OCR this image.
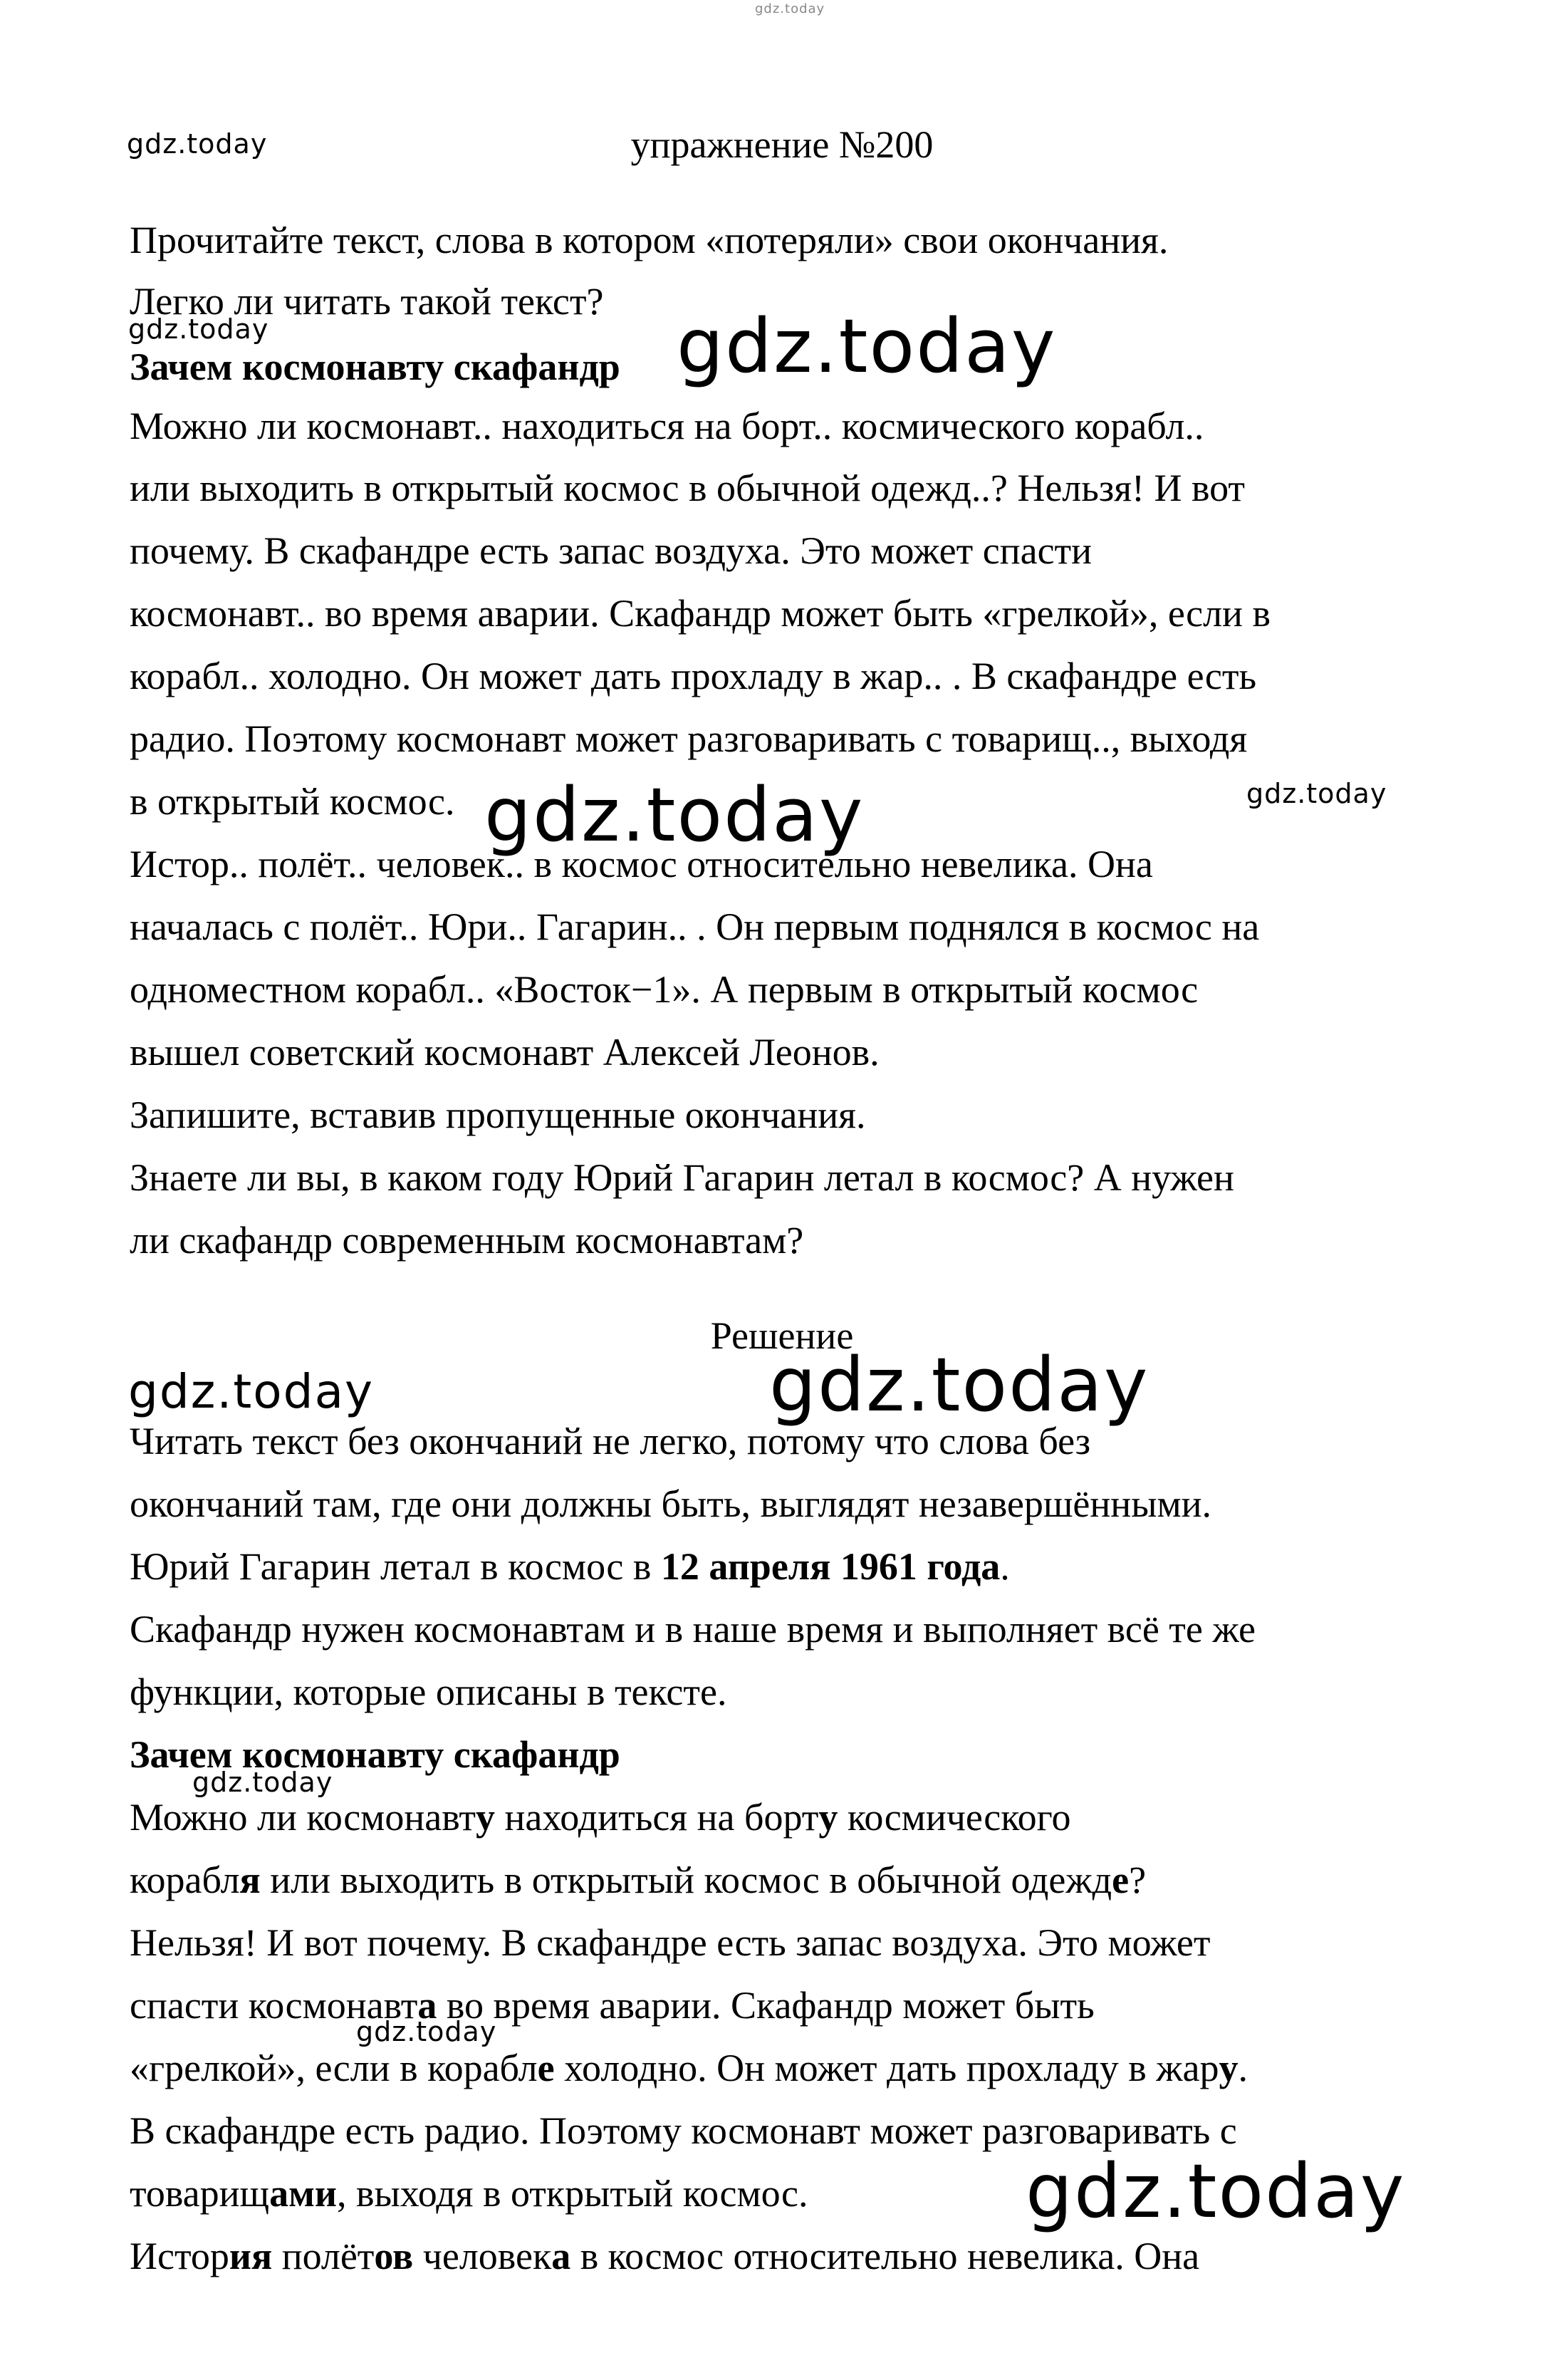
gdz.today
gdz.today
gdz.today	gdz.today
gdz.today	gdz.today
gdz.today
gdz.today
gdz.today
gdz.today
gdz.today

упражнение №200

Прочитайте текст, слова в котором «потеряли» свои окончания.

Легко ли читать такой текст?

Зачем космонавту скафандр

Можно ли космонавт.. находиться на борт.. космического корабл..

или выходить в открытый космос в обычной одежд..? Нельзя! И вот

почему. В скафандре есть запас воздуха. Это может спасти

космонавт.. во время аварии. Скафандр может быть «грелкой», если в

корабл.. холодно. Он может дать прохладу в жар.. . В скафандре есть

радио. Поэтому космонавт может разговаривать с товарищ.., выходя

в открытый космос.

Истор.. полёт.. человек.. в космос относительно невелика. Она

началась с полёт.. Юри.. Гагарин.. . Он первым поднялся в космос на

одноместном корабл.. «Восток−1». А первым в открытый космос

вышел советский космонавт Алексей Леонов.

Запишите, вставив пропущенные окончания.

Знаете ли вы, в каком году Юрий Гагарин летал в космос? А нужен

ли скафандр современным космонавтам?

Решение

Читать текст без окончаний не легко, потому что слова без

окончаний там, где они должны быть, выглядят незавершёнными.

Юрий Гагарин летал в космос в 12 апреля 1961 года.

Скафандр нужен космонавтам и в наше время и выполняет всё те же

функции, которые описаны в тексте.

Зачем космонавту скафандр

Можно ли космонавту находиться на борту космического

корабля или выходить в открытый космос в обычной одежде?

Нельзя! И вот почему. В скафандре есть запас воздуха. Это может

спасти космонавта во время аварии. Скафандр может быть

«грелкой», если в корабле холодно. Он может дать прохладу в жару.

В скафандре есть радио. Поэтому космонавт может разговаривать с

товарищами, выходя в открытый космос.

История полётов человека в космос относительно невелика. Она
